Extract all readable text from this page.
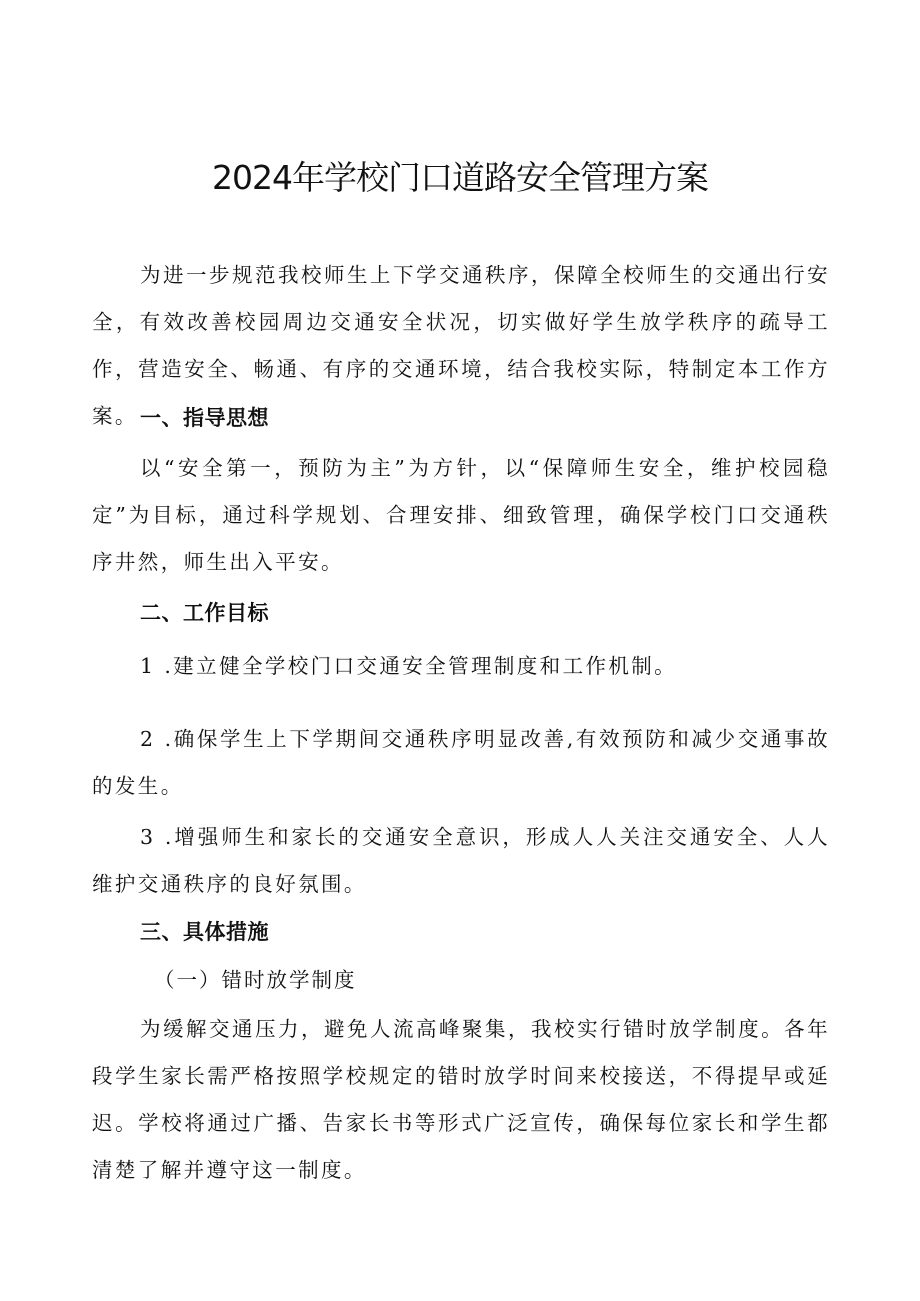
2024年学校门口道路安全管理方案

为进一步规范我校师生上下学交通秩序，保障全校师生的交通出行安全，有效改善校园周边交通安全状况，切实做好学生放学秩序的疏导工作，营造安全、畅通、有序的交通环境，结合我校实际，特制定本工作方案。 一、指导思想

以“安全第一，预防为主”为方针，以“保障师生安全，维护校园稳定”为目标，通过科学规划、合理安排、细致管理，确保学校门口交通秩序井然，师生出入平安。

二、工作目标

1 .建立健全学校门口交通安全管理制度和工作机制。

2 .确保学生上下学期间交通秩序明显改善,有效预防和减少交通事故的发生。

3 .增强师生和家长的交通安全意识，形成人人关注交通安全、人人维护交通秩序的良好氛围。

三、具体措施

（一）错时放学制度

为缓解交通压力，避免人流高峰聚集，我校实行错时放学制度。各年段学生家长需严格按照学校规定的错时放学时间来校接送，不得提早或延迟。学校将通过广播、告家长书等形式广泛宣传，确保每位家长和学生都清楚了解并遵守这一制度。
